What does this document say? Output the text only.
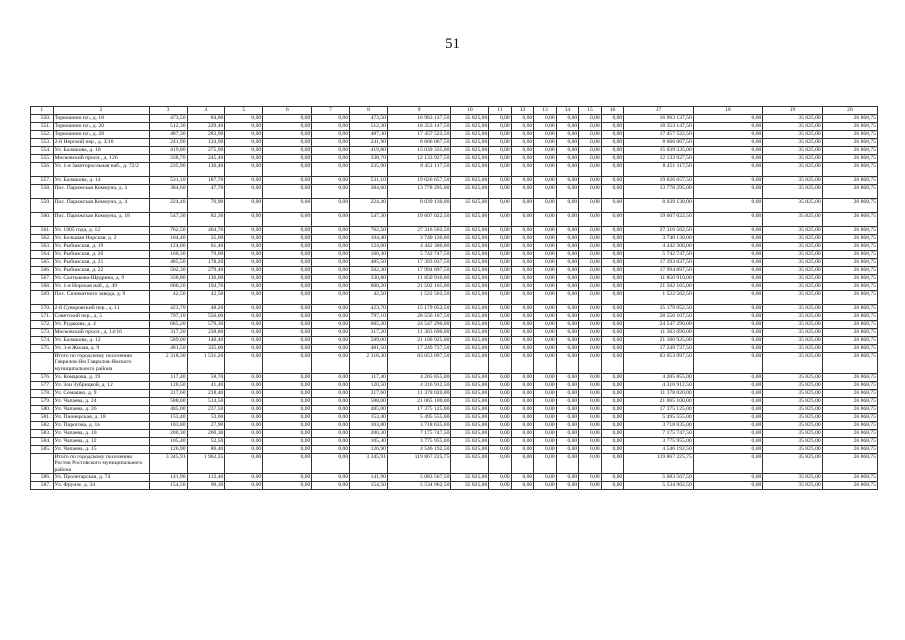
51
1	2	3	4	5	6	7	8	9	10	11	12	13	14	15	16	17	18	19	20
550.	Торкошино пл., д. 18	473,50	84,80	0,00	0,00	0,00	473,50	16 963 137,50	35 825,00	0,00	0,00	0,00	0,00	0,00	0,00	16 963 137,50	0,00	35 825,00	26 868,75
551.	Торкошино пл., д. 20	512,30	229,40	0,00	0,00	0,00	512,30	18 353 147,50	35 825,00	0,00	0,00	0,00	0,00	0,00	0,00	18 353 147,50	0,00	35 825,00	26 868,75
552.	Торкошино пл., д. 28	487,30	283,90	0,00	0,00	0,00	487,30	17 457 522,50	35 825,00	0,00	0,00	0,00	0,00	0,00	0,00	17 457 522,50	0,00	35 825,00	26 868,75
553.	2-й Нерский пер., д. 3/10	241,90	124,90	0,00	0,00	0,00	241,90	8 666 067,50	35 825,00	0,00	0,00	0,00	0,00	0,00	0,00	8 666 067,50	0,00	35 825,00	26 868,75
554.	Ул. Балашова, д. 18	419,80	275,90	0,00	0,00	0,00	419,80	15 039 335,00	35 825,00	0,00	0,00	0,00	0,00	0,00	0,00	15 039 335,00	0,00	35 825,00	26 868,75
555.	Московский просп., д. 126	338,70	245,40	0,00	0,00	0,00	338,70	12 133 927,50	35 825,00	0,00	0,00	0,00	0,00	0,00	0,00	12 133 927,50	0,00	35 825,00	26 868,75
556.	Ул. 1-я Закоторосльная наб., д. 72/2	235,90	136,40	0,00	0,00	0,00	235,90	8 451 117,50	35 825,00	0,00	0,00	0,00	0,00	0,00	0,00	8 451 117,50	0,00	35 825,00	26 868,75
557.	Ул. Балашова, д. 14	531,10	187,70	0,00	0,00	0,00	531,10	19 026 657,50	35 825,00	0,00	0,00	0,00	0,00	0,00	0,00	19 026 657,50	0,00	35 825,00	26 868,75
558.	Пос. Парижская Коммуна, д. 3	384,60	47,70	0,00	0,00	0,00	384,60	13 778 295,00	35 825,00	0,00	0,00	0,00	0,00	0,00	0,00	13 778 295,00	0,00	35 825,00	26 868,75
559.	Пос. Парижская Коммуна, д. 4	224,40	76,90	0,00	0,00	0,00	224,40	8 039 130,00	35 825,00	0,00	0,00	0,00	0,00	0,00	0,00	8 039 130,00	0,00	35 825,00	26 868,75
560.	Пос. Парижская Коммуна, д. 18	547,30	82,30	0,00	0,00	0,00	547,30	19 607 022,50	35 825,00	0,00	0,00	0,00	0,00	0,00	0,00	19 607 022,50	0,00	35 825,00	26 868,75
561.	Ул. 1905 года, д. 12	762,50	464,70	0,00	0,00	0,00	762,50	27 316 562,50	35 825,00	0,00	0,00	0,00	0,00	0,00	0,00	27 316 562,50	0,00	35 825,00	26 868,75
562.	Ул. Большая Норская, д. 2	104,40	35,00	0,00	0,00	0,00	104,40	3 740 130,00	35 825,00	0,00	0,00	0,00	0,00	0,00	0,00	3 740 130,00	0,00	35 825,00	26 868,75
563.	Ул. Рыбинская, д. 19	124,00	61,40	0,00	0,00	0,00	124,00	4 442 300,00	35 825,00	0,00	0,00	0,00	0,00	0,00	0,00	4 442 300,00	0,00	35 825,00	26 868,75
564.	Ул. Рыбинская, д. 20	160,30	79,00	0,00	0,00	0,00	160,30	5 742 747,50	35 825,00	0,00	0,00	0,00	0,00	0,00	0,00	5 742 747,50	0,00	35 825,00	26 868,75
565.	Ул. Рыбинская, д. 21	485,50	178,20	0,00	0,00	0,00	485,50	17 393 037,50	35 825,00	0,00	0,00	0,00	0,00	0,00	0,00	17 393 037,50	0,00	35 825,00	26 868,75
566.	Ул. Рыбинская, д. 22	502,30	279,40	0,00	0,00	0,00	502,30	17 994 897,50	35 825,00	0,00	0,00	0,00	0,00	0,00	0,00	17 994 897,50	0,00	35 825,00	26 868,75
567.	Ул. Салтыкова-Щедрина, д. 9	330,80	136,00	0,00	0,00	0,00	330,80	11 850 910,00	35 825,00	0,00	0,00	0,00	0,00	0,00	0,00	11 850 910,00	0,00	35 825,00	26 868,75
568.	Ул. 1-я Норская наб., д. 49	600,20	194,70	0,00	0,00	0,00	600,20	21 502 165,00	35 825,00	0,00	0,00	0,00	0,00	0,00	0,00	21 502 165,00	0,00	35 825,00	26 868,75
569.	Пос. Силикатного завода, д. 9	42,50	42,50	0,00	0,00	0,00	42,50	1 522 562,50	35 825,00	0,00	0,00	0,00	0,00	0,00	0,00	1 522 562,50	0,00	35 825,00	26 868,75
570.	2-й Суворовский пер., д. 11	423,70	48,20	0,00	0,00	0,00	423,70	15 179 052,50	35 825,00	0,00	0,00	0,00	0,00	0,00	0,00	15 179 052,50	0,00	35 825,00	26 868,75
571.	Советский пер., д. 5	797,10	556,00	0,00	0,00	0,00	797,10	28 556 107,50	35 825,00	0,00	0,00	0,00	0,00	0,00	0,00	28 556 107,50	0,00	35 825,00	26 868,75
572.	Ул. Рудакова, д. 4	685,20	579,30	0,00	0,00	0,00	685,20	24 547 290,00	35 825,00	0,00	0,00	0,00	0,00	0,00	0,00	24 547 290,00	0,00	35 825,00	26 868,75
573.	Московский просп., д. 14/16	317,20	238,80	0,00	0,00	0,00	317,20	11 363 690,00	35 825,00	0,00	0,00	0,00	0,00	0,00	0,00	11 363 690,00	0,00	35 825,00	26 868,75
574.	Ул. Балашова, д. 12	589,00	140,40	0,00	0,00	0,00	589,00	21 100 925,00	35 825,00	0,00	0,00	0,00	0,00	0,00	0,00	21 100 925,00	0,00	35 825,00	26 868,75
575.	Ул. 3-я Жилая, д. 9	481,50	335,00	0,00	0,00	0,00	481,50	17 249 737,50	35 825,00	0,00	0,00	0,00	0,00	0,00	0,00	17 249 737,50	0,00	35 825,00	26 868,75
	Итого по городскому поселению Гаврилов-Ям Гаврилов-Ямского муниципального района	2 318,30	1 531,20	0,00	0,00	0,00	2 318,30	83 053 097,50	35 825,00	0,00	0,00	0,00	0,00	0,00	0,00	83 053 097,50	0,00	35 825,00	26 868,75
576.	Ул. Комарова, д. 19	117,40	58,70	0,00	0,00	0,00	117,40	4 205 855,00	35 825,00	0,00	0,00	0,00	0,00	0,00	0,00	4 205 855,00	0,00	35 825,00	26 868,75
577.	Ул. Зои Зубрицкой, д. 12	120,50	41,40	0,00	0,00	0,00	120,50	4 316 912,50	35 825,00	0,00	0,00	0,00	0,00	0,00	0,00	4 316 912,50	0,00	35 825,00	26 868,75
578.	Ул. Семашко, д. 9	317,60	218,40	0,00	0,00	0,00	317,60	11 378 020,00	35 825,00	0,00	0,00	0,00	0,00	0,00	0,00	11 378 020,00	0,00	35 825,00	26 868,75
579.	Ул. Чапаева, д. 24	588,00	514,50	0,00	0,00	0,00	588,00	21 065 100,00	35 825,00	0,00	0,00	0,00	0,00	0,00	0,00	21 065 100,00	0,00	35 825,00	26 868,75
580.	Ул. Чапаева, д. 26	485,00	237,50	0,00	0,00	0,00	485,00	17 375 125,00	35 825,00	0,00	0,00	0,00	0,00	0,00	0,00	17 375 125,00	0,00	35 825,00	26 868,75
581.	Ул. Пионерская, д. 18	153,40	53,60	0,00	0,00	0,00	153,40	5 495 555,00	35 825,00	0,00	0,00	0,00	0,00	0,00	0,00	5 495 555,00	0,00	35 825,00	26 868,75
582.	Ул. Пирогова, д. 1а	103,80	27,90	0,00	0,00	0,00	103,80	3 718 635,00	35 825,00	0,00	0,00	0,00	0,00	0,00	0,00	3 718 635,00	0,00	35 825,00	26 868,75
583.	Ул. Чапаева, д. 10	200,30	200,30	0,00	0,00	0,00	200,30	7 175 747,50	35 825,00	0,00	0,00	0,00	0,00	0,00	0,00	7 175 747,50	0,00	35 825,00	26 868,75
584.	Ул. Чапаева, д. 12	105,40	52,50	0,00	0,00	0,00	105,40	3 775 955,00	35 825,00	0,00	0,00	0,00	0,00	0,00	0,00	3 775 955,00	0,00	35 825,00	26 868,75
585.	Ул. Чапаева, д. 15	126,90	86,40	0,00	0,00	0,00	126,90	4 546 192,50	35 825,00	0,00	0,00	0,00	0,00	0,00	0,00	4 546 192,50	0,00	35 825,00	26 868,75
	Итого по городскому поселению Ростов Ростовского муниципального района	3 345,91	1 962,35	0,00	0,00	0,00	3 345,91	119 867 225,75	35 825,00	0,00	0,00	0,00	0,00	0,00	0,00	119 867 225,75	0,00	35 825,00	26 868,75
586.	Ул. Пролетарская, д. 74	141,90	112,40	0,00	0,00	0,00	141,90	5 083 567,50	35 825,00	0,00	0,00	0,00	0,00	0,00	0,00	5 083 567,50	0,00	35 825,00	26 868,75
587.	Ул. Фрунзе, д. 34	154,50	90,30	0,00	0,00	0,00	154,50	5 534 962,50	35 825,00	0,00	0,00	0,00	0,00	0,00	0,00	5 534 962,50	0,00	35 825,00	26 868,75
